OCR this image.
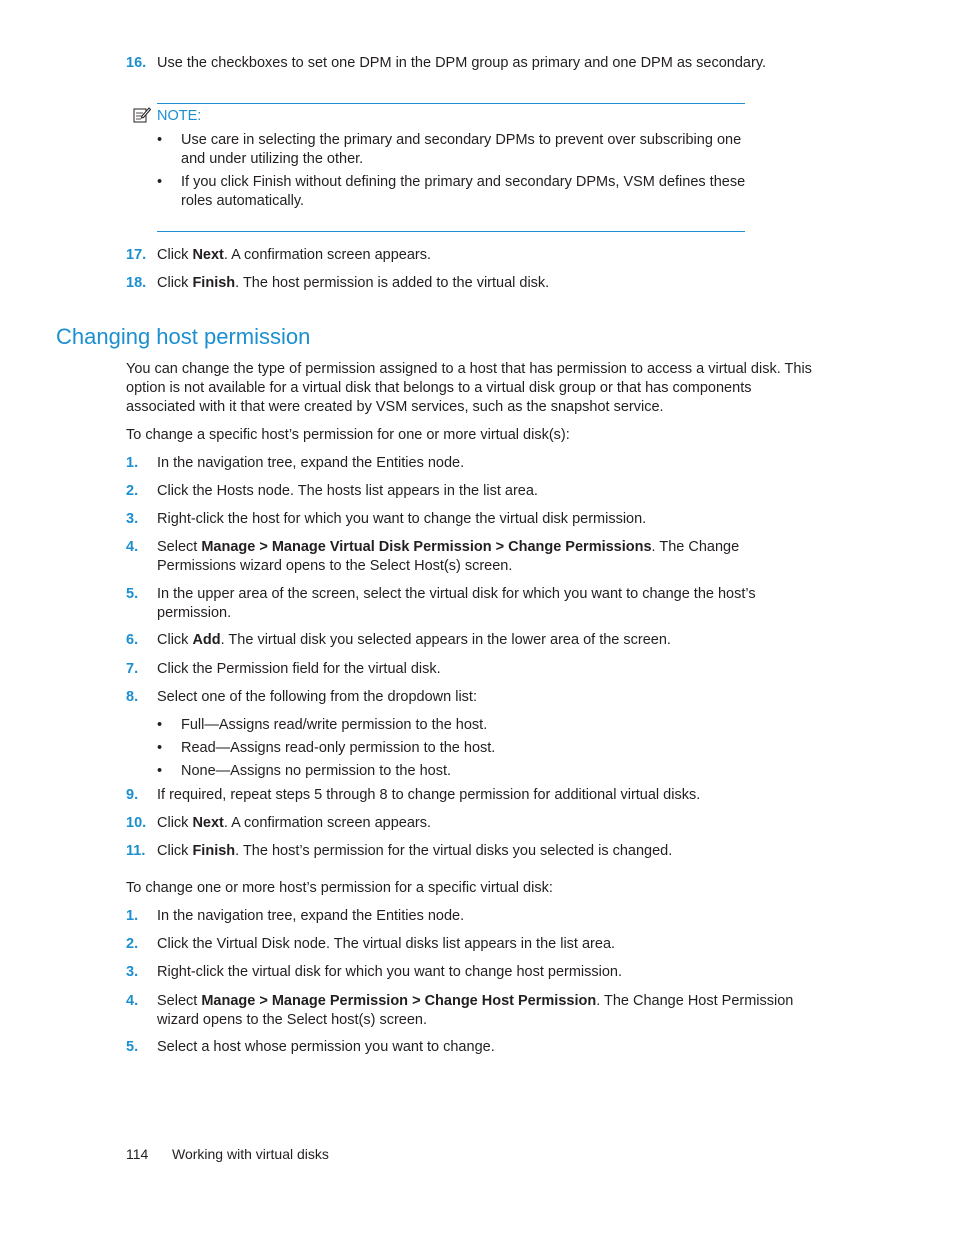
16. Use the checkboxes to set one DPM in the DPM group as primary and one DPM as secondary.
NOTE:
• Use care in selecting the primary and secondary DPMs to prevent over subscribing one and under utilizing the other.
• If you click Finish without defining the primary and secondary DPMs, VSM defines these roles automatically.
17. Click Next. A confirmation screen appears.
18. Click Finish. The host permission is added to the virtual disk.
Changing host permission
You can change the type of permission assigned to a host that has permission to access a virtual disk. This option is not available for a virtual disk that belongs to a virtual disk group or that has components associated with it that were created by VSM services, such as the snapshot service.
To change a specific host’s permission for one or more virtual disk(s):
1. In the navigation tree, expand the Entities node.
2. Click the Hosts node. The hosts list appears in the list area.
3. Right-click the host for which you want to change the virtual disk permission.
4. Select Manage > Manage Virtual Disk Permission > Change Permissions. The Change Permissions wizard opens to the Select Host(s) screen.
5. In the upper area of the screen, select the virtual disk for which you want to change the host’s permission.
6. Click Add. The virtual disk you selected appears in the lower area of the screen.
7. Click the Permission field for the virtual disk.
8. Select one of the following from the dropdown list:
• Full—Assigns read/write permission to the host.
• Read—Assigns read-only permission to the host.
• None—Assigns no permission to the host.
9. If required, repeat steps 5 through 8 to change permission for additional virtual disks.
10. Click Next. A confirmation screen appears.
11. Click Finish. The host’s permission for the virtual disks you selected is changed.
To change one or more host’s permission for a specific virtual disk:
1. In the navigation tree, expand the Entities node.
2. Click the Virtual Disk node. The virtual disks list appears in the list area.
3. Right-click the virtual disk for which you want to change host permission.
4. Select Manage > Manage Permission > Change Host Permission. The Change Host Permission wizard opens to the Select host(s) screen.
5. Select a host whose permission you want to change.
114 Working with virtual disks
